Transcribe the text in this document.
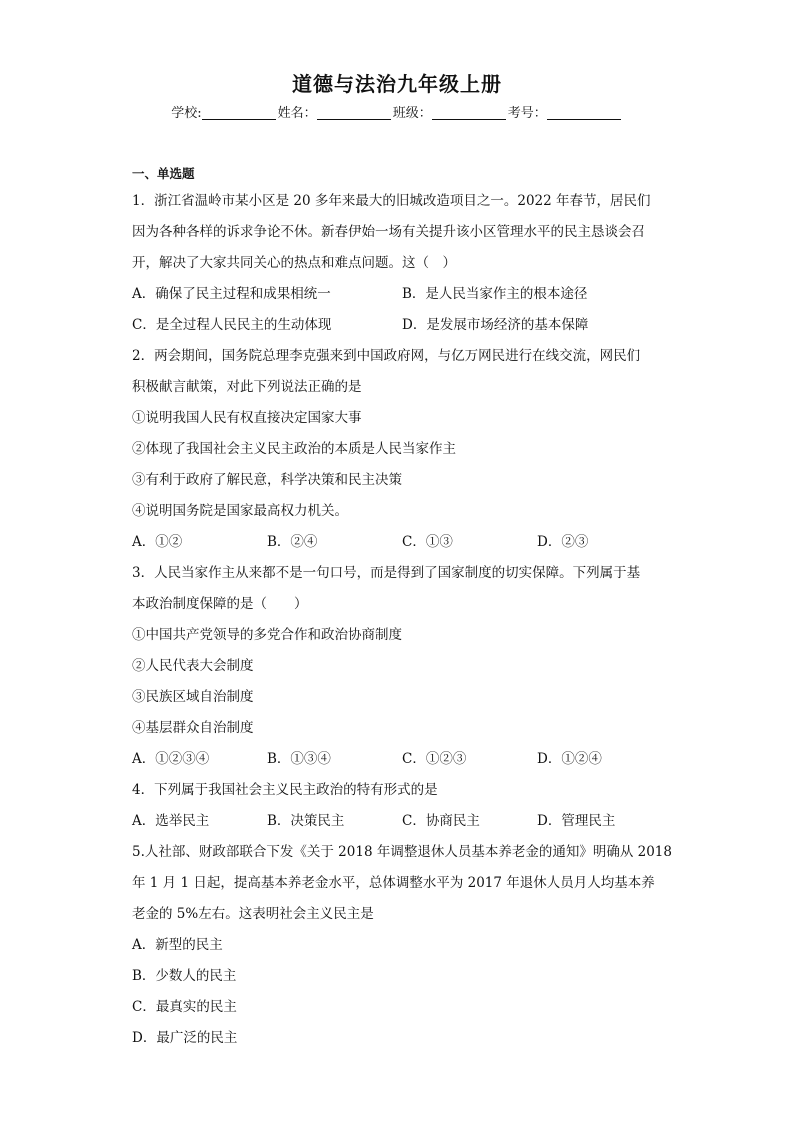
道德与法治九年级上册
学校:	姓名：	班级：	考号：
一、单选题
1．浙江省温岭市某小区是 20 多年来最大的旧城改造项目之一。2022 年春节，居民们
因为各种各样的诉求争论不休。新春伊始一场有关提升该小区管理水平的民主恳谈会召
开，解决了大家共同关心的热点和难点问题。这（　）
A．确保了民主过程和成果相统一	B．是人民当家作主的根本途径
C．是全过程人民民主的生动体现	D．是发展市场经济的基本保障
2．两会期间，国务院总理李克强来到中国政府网，与亿万网民进行在线交流，网民们
积极献言献策，对此下列说法正确的是
①说明我国人民有权直接决定国家大事
②体现了我国社会主义民主政治的本质是人民当家作主
③有利于政府了解民意，科学决策和民主决策
④说明国务院是国家最高权力机关。
A．①②	B．②④	C．①③	D．②③
3．人民当家作主从来都不是一句口号，而是得到了国家制度的切实保障。下列属于基
本政治制度保障的是（　　）
①中国共产党领导的多党合作和政治协商制度
②人民代表大会制度
③民族区域自治制度
④基层群众自治制度
A．①②③④	B．①③④	C．①②③	D．①②④
4．下列属于我国社会主义民主政治的特有形式的是
A．选举民主	B．决策民主	C．协商民主	D．管理民主
5.人社部、财政部联合下发《关于 2018 年调整退休人员基本养老金的通知》明确从 2018
年 1 月 1 日起，提高基本养老金水平，总体调整水平为 2017 年退休人员月人均基本养
老金的 5%左右。这表明社会主义民主是
A．新型的民主
B．少数人的民主
C．最真实的民主
D．最广泛的民主
